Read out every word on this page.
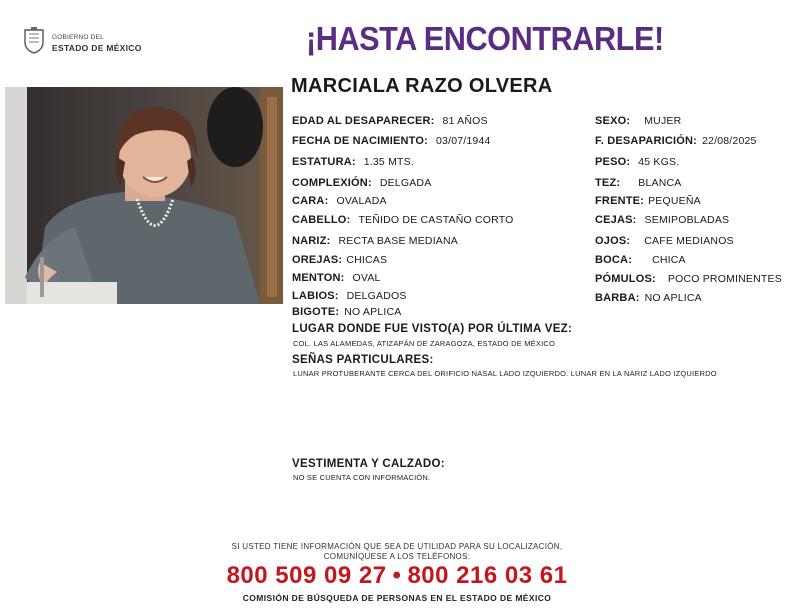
GOBIERNO DEL
ESTADO DE MÉXICO	¡HASTA ENCONTRARLE!
MARCIALA RAZO OLVERA
EDAD AL DESAPARECER: 81 AÑOS
FECHA DE NACIMIENTO: 03/07/1944
ESTATURA: 1.35 MTS.
COMPLEXIÓN: DELGADA
CARA: OVALADA
CABELLO: TEÑIDO DE CASTAÑO CORTO
NARIZ: RECTA BASE MEDIANA
OREJAS: CHICAS
MENTON: OVAL
LABIOS: DELGADOS
BIGOTE: NO APLICA
SEXO: MUJER
F. DESAPARICIÓN: 22/08/2025
PESO: 45 KGS.
TEZ: BLANCA
FRENTE: PEQUEÑA
CEJAS: SEMIPOBLADAS
OJOS: CAFE MEDIANOS
BOCA: CHICA
PÓMULOS: POCO PROMINENTES
BARBA: NO APLICA
LUGAR DONDE FUE VISTO(A) POR ÚLTIMA VEZ:
COL. LAS ALAMEDAS, ATIZAPÁN DE ZARAGOZA, ESTADO DE MÉXICO
SEÑAS PARTICULARES:
LUNAR PROTUBERANTE CERCA DEL ORIFICIO NASAL LADO IZQUIERDO. LUNAR EN LA NARIZ LADO IZQUIERDO
VESTIMENTA Y CALZADO:
NO SE CUENTA CON INFORMACIÓN.
SI USTED TIENE INFORMACIÓN QUE SEA DE UTILIDAD PARA SU LOCALIZACIÓN,
COMUNÍQUESE A LOS TELÉFONOS:
800 509 09 27 • 800 216 03 61
COMISIÓN DE BÚSQUEDA DE PERSONAS EN EL ESTADO DE MÉXICO
